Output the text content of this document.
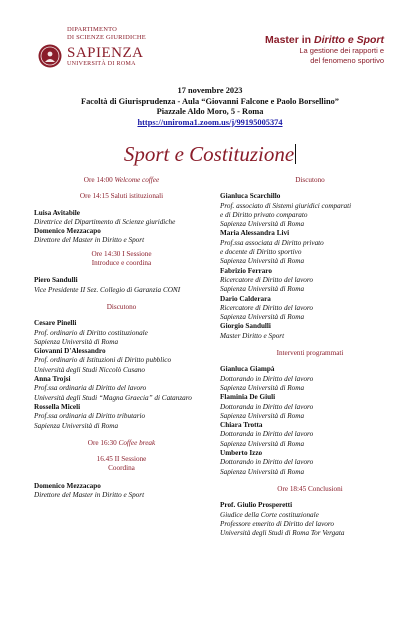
DIPARTIMENTO
DI SCIENZE GIURIDICHE
SAPIENZA
UNIVERSITÀ DI ROMA
Master in Diritto e Sport
La gestione dei rapporti e
del fenomeno sportivo
17 novembre 2023
Facoltà di Giurisprudenza - Aula “Giovanni Falcone e Paolo Borsellino”
Piazzale Aldo Moro, 5 - Roma
https://uniroma1.zoom.us/j/99195005374
Sport e Costituzione
Ore 14:00 Welcome coffee
Ore 14:15 Saluti istituzionali
Luisa Avitabile
Direttrice del Dipartimento di Scienze giuridiche
Domenico Mezzacapo
Direttore del Master in Diritto e Sport
Ore 14:30 I Sessione
Introduce e coordina
Piero Sandulli
Vice Presidente II Sez. Collegio di Garanzia CONI
Discutono
Cesare Pinelli
Prof. ordinario di Diritto costituzionale
Sapienza Università di Roma
Giovanni D'Alessandro
Prof. ordinario di Istituzioni di Diritto pubblico
Università degli Studi Niccolò Cusano
Anna Trojsi
Prof.ssa ordinaria di Diritto del lavoro
Università degli Studi “Magna Graecia” di Catanzaro
Rossella Miceli
Prof.ssa ordinaria di Diritto tributario
Sapienza Università di Roma
Ore 16:30 Coffee break
16.45 II Sessione
Coordina
Domenico Mezzacapo
Direttore del Master in Diritto e Sport
Discutono
Gianluca Scarchillo
Prof. associato di Sistemi giuridici comparati
e di Diritto privato comparato
Sapienza Università di Roma
Maria Alessandra Livi
Prof.ssa associata di Diritto privato
e docente di Diritto sportivo
Sapienza Università di Roma
Fabrizio Ferraro
Ricercatore di Diritto del lavoro
Sapienza Università di Roma
Dario Calderara
Ricercatore di Diritto del lavoro
Sapienza Università di Roma
Giorgio Sandulli
Master Diritto e Sport
Interventi programmati
Gianluca Giampà
Dottorando in Diritto del lavoro
Sapienza Università di Roma
Flaminia De Giuli
Dottoranda in Diritto del lavoro
Sapienza Università di Roma
Chiara Trotta
Dottoranda in Diritto del lavoro
Sapienza Università di Roma
Umberto Izzo
Dottorando in Diritto del lavoro
Sapienza Università di Roma
Ore 18:45 Conclusioni
Prof. Giulio Prosperetti
Giudice della Corte costituzionale
Professore emerito di Diritto del lavoro
Università degli Studi di Roma Tor Vergata
